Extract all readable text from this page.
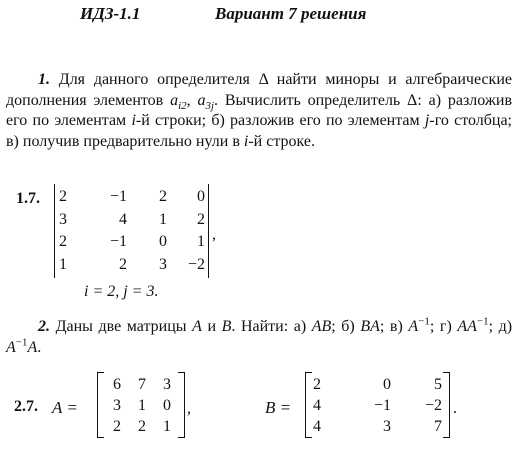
ИДЗ-1.1	Вариант 7 решения
  1. Для данного определителя Δ найти миноры и алгебраические дополнения элементов $a_{i2}$, $a_{3j}$. Вычислить определитель Δ: а) разложив его по элементам i-й строки; б) разложив его по элементам j-го столбца; в) получив предварительно нули в i-й строке.
1.7. 2	−1	2	0
3	4	1	2
2	−1	0	1
1	2	3	−2
,
i = 2, j = 3.
  2. Даны две матрицы A и B. Найти: а) AB; б) BA; в) $A^{-1}$; г) $AA^{-1}$; д) $A^{-1}A$.
2.7. A =
6	7	3
3	1	0
2	2	1
,	B =
2	0	5
4	−1	−2
4	3	7
.
